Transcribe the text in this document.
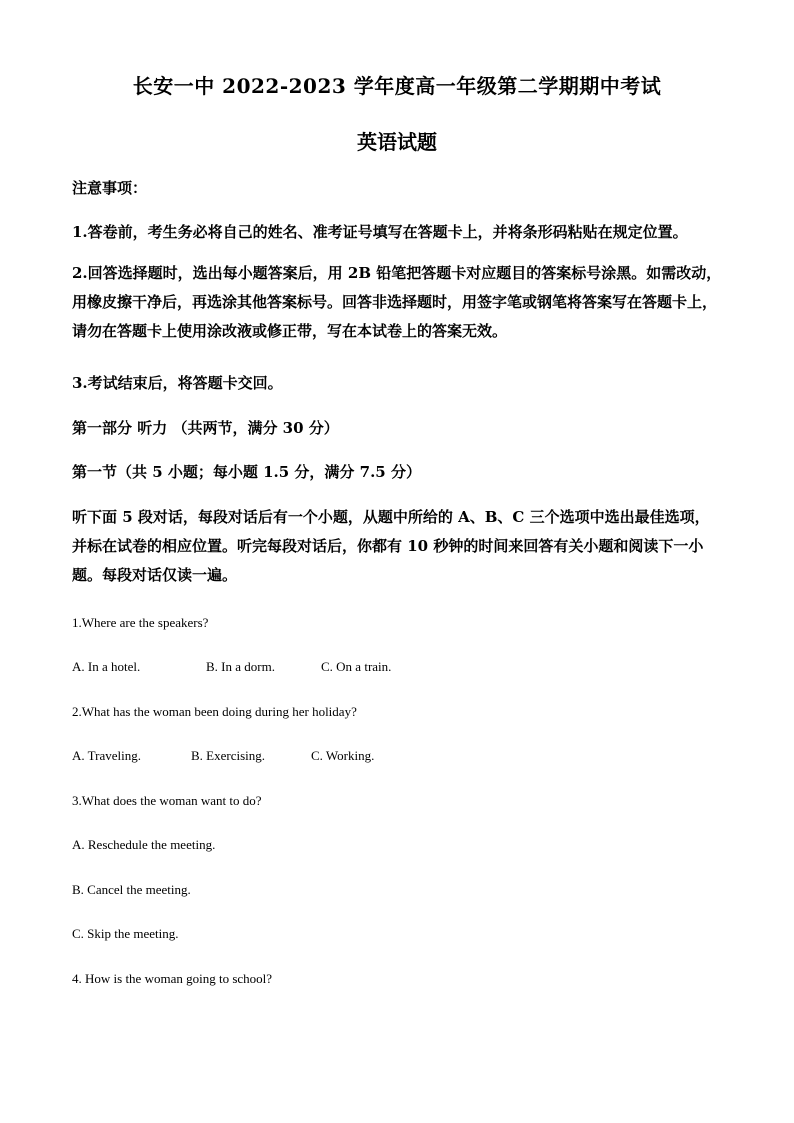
长安一中 2022-2023 学年度高一年级第二学期期中考试
英语试题
注意事项：
1.答卷前，考生务必将自己的姓名、准考证号填写在答题卡上，并将条形码粘贴在规定位置。
2.回答选择题时，选出每小题答案后，用 2B 铅笔把答题卡对应题目的答案标号涂黑。如需改动，用橡皮擦干净后，再选涂其他答案标号。回答非选择题时，用签字笔或钢笔将答案写在答题卡上，请勿在答题卡上使用涂改液或修正带，写在本试卷上的答案无效。
3.考试结束后，将答题卡交回。
第一部分 听力 （共两节，满分 30 分）
第一节（共 5 小题；每小题 1.5 分，满分 7.5 分）
听下面 5 段对话，每段对话后有一个小题，从题中所给的 A、B、C 三个选项中选出最佳选项，并标在试卷的相应位置。听完每段对话后，你都有 10 秒钟的时间来回答有关小题和阅读下一小题。每段对话仅读一遍。
1.Where are the speakers?
A. In a hotel.	B. In a dorm.	C. On a train.
2.What has the woman been doing during her holiday?
A. Traveling.	B. Exercising.	C. Working.
3.What does the woman want to do?
A. Reschedule the meeting.
B. Cancel the meeting.
C. Skip the meeting.
4. How is the woman going to school?
